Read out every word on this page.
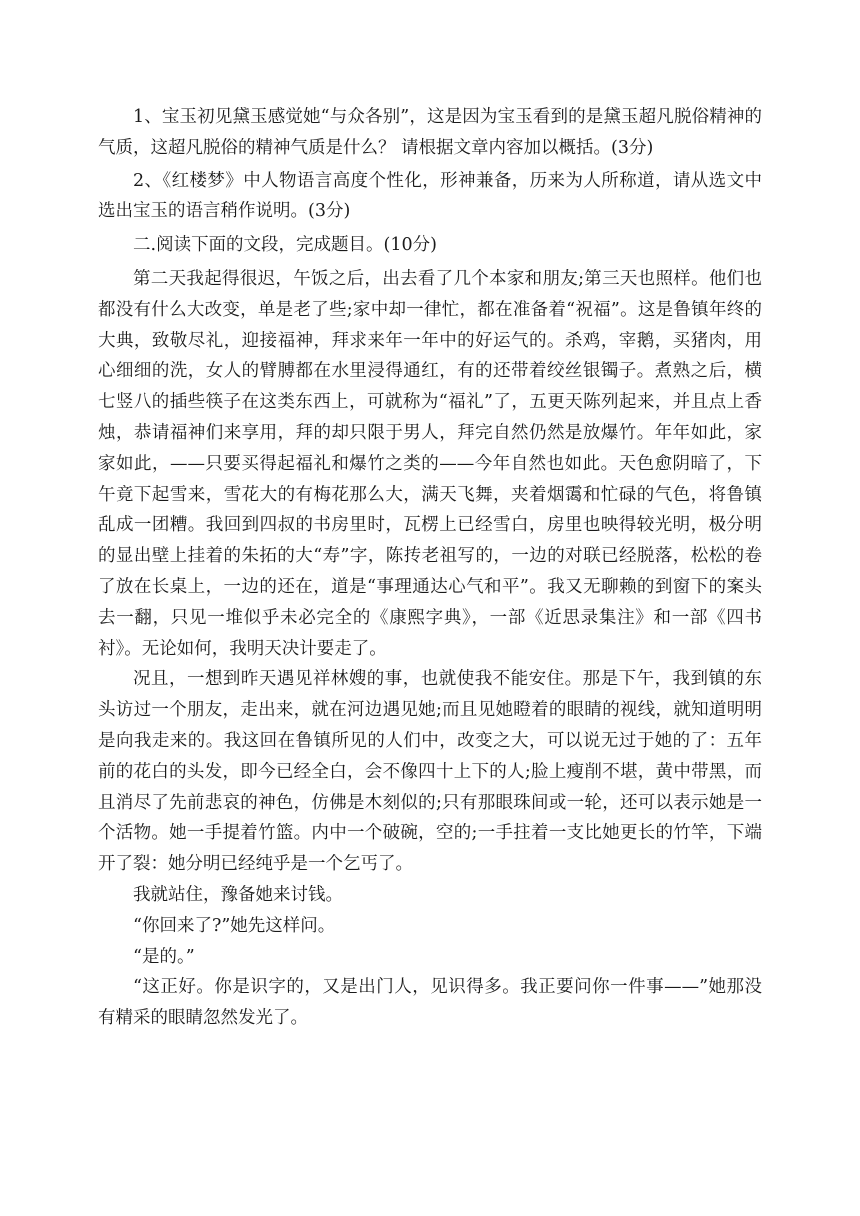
1、宝玉初见黛玉感觉她“与众各别”，这是因为宝玉看到的是黛玉超凡脱俗精神的气质，这超凡脱俗的精神气质是什么？ 请根据文章内容加以概括。(3分)

2、《红楼梦》中人物语言高度个性化，形神兼备，历来为人所称道，请从选文中选出宝玉的语言稍作说明。(3分)

二.阅读下面的文段，完成题目。(10分)

第二天我起得很迟，午饭之后，出去看了几个本家和朋友;第三天也照样。他们也都没有什么大改变，单是老了些;家中却一律忙，都在准备着“祝福”。这是鲁镇年终的大典，致敬尽礼，迎接福神，拜求来年一年中的好运气的。杀鸡，宰鹅，买猪肉，用心细细的洗，女人的臂膊都在水里浸得通红，有的还带着绞丝银镯子。煮熟之后，横七竖八的插些筷子在这类东西上，可就称为“福礼”了，五更天陈列起来，并且点上香烛，恭请福神们来享用，拜的却只限于男人，拜完自然仍然是放爆竹。年年如此，家家如此，——只要买得起福礼和爆竹之类的——今年自然也如此。天色愈阴暗了，下午竟下起雪来，雪花大的有梅花那么大，满天飞舞，夹着烟霭和忙碌的气色，将鲁镇乱成一团糟。我回到四叔的书房里时，瓦楞上已经雪白，房里也映得较光明，极分明的显出壁上挂着的朱拓的大“寿”字，陈抟老祖写的，一边的对联已经脱落，松松的卷了放在长桌上，一边的还在，道是“事理通达心气和平”。我又无聊赖的到窗下的案头去一翻，只见一堆似乎未必完全的《康熙字典》，一部《近思录集注》和一部《四书衬》。无论如何，我明天决计要走了。

况且，一想到昨天遇见祥林嫂的事，也就使我不能安住。那是下午，我到镇的东头访过一个朋友，走出来，就在河边遇见她;而且见她瞪着的眼睛的视线，就知道明明是向我走来的。我这回在鲁镇所见的人们中，改变之大，可以说无过于她的了：五年前的花白的头发，即今已经全白，会不像四十上下的人;脸上瘦削不堪，黄中带黑，而且消尽了先前悲哀的神色，仿佛是木刻似的;只有那眼珠间或一轮，还可以表示她是一个活物。她一手提着竹篮。内中一个破碗，空的;一手拄着一支比她更长的竹竿，下端开了裂：她分明已经纯乎是一个乞丐了。

我就站住，豫备她来讨钱。

“你回来了?”她先这样问。

“是的。”

“这正好。你是识字的，又是出门人，见识得多。我正要问你一件事——”她那没有精采的眼睛忽然发光了。
